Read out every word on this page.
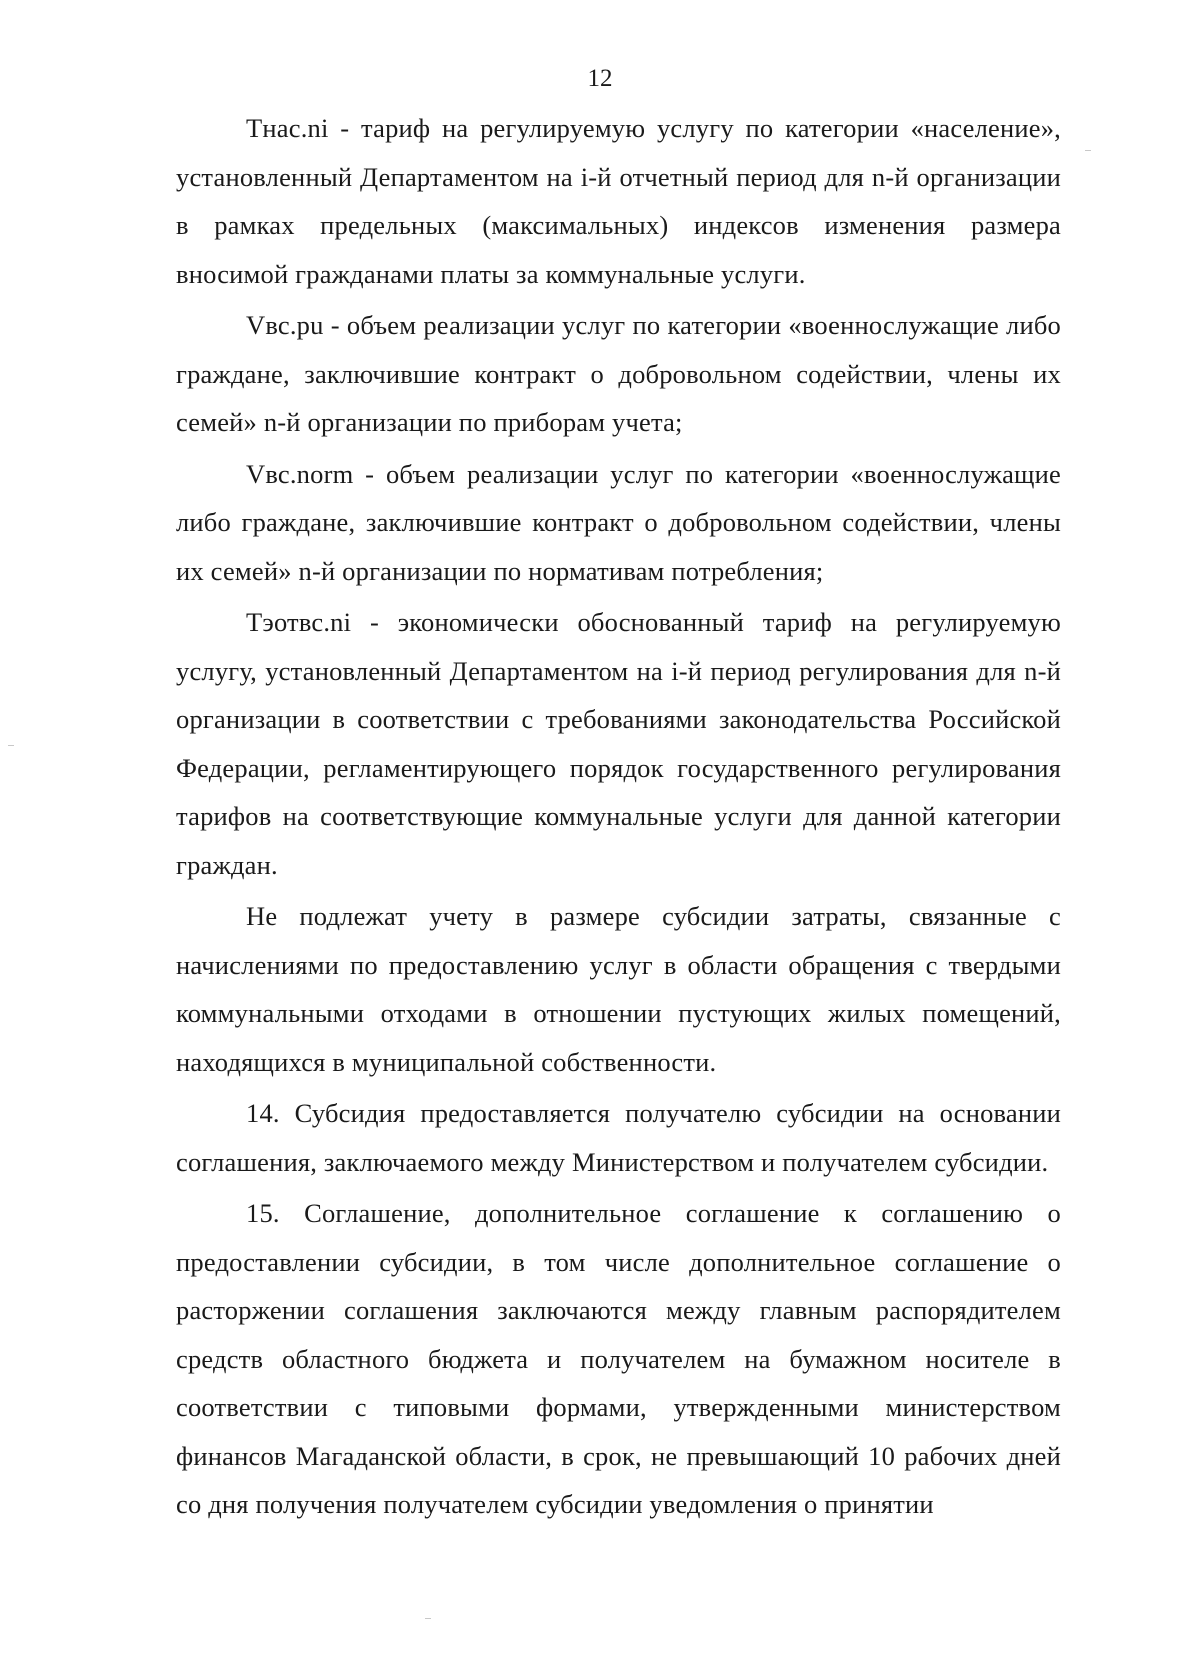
12

Тнас.ni - тариф на регулируемую услугу по категории «население», установленный Департаментом на i-й отчетный период для n-й организации в рамках предельных (максимальных) индексов изменения размера вносимой гражданами платы за коммунальные услуги.

Vвс.pu - объем реализации услуг по категории «военнослужащие либо граждане, заключившие контракт о добровольном содействии, члены их семей» n-й организации по приборам учета;

Vвс.norm - объем реализации услуг по категории «военнослужащие либо граждане, заключившие контракт о добровольном содействии, члены их семей» n-й организации по нормативам потребления;

Тэотвс.ni - экономически обоснованный тариф на регулируемую услугу, установленный Департаментом на i-й период регулирования для n-й организации в соответствии с требованиями законодательства Российской Федерации, регламентирующего порядок государственного регулирования тарифов на соответствующие коммунальные услуги для данной категории граждан.

Не подлежат учету в размере субсидии затраты, связанные с начислениями по предоставлению услуг в области обращения с твердыми коммунальными отходами в отношении пустующих жилых помещений, находящихся в муниципальной собственности.

14. Субсидия предоставляется получателю субсидии на основании соглашения, заключаемого между Министерством и получателем субсидии.

15. Соглашение, дополнительное соглашение к соглашению о предоставлении субсидии, в том числе дополнительное соглашение о расторжении соглашения заключаются между главным распорядителем средств областного бюджета и получателем на бумажном носителе в соответствии с типовыми формами, утвержденными министерством финансов Магаданской области, в срок, не превышающий 10 рабочих дней со дня получения получателем субсидии уведомления о принятии
